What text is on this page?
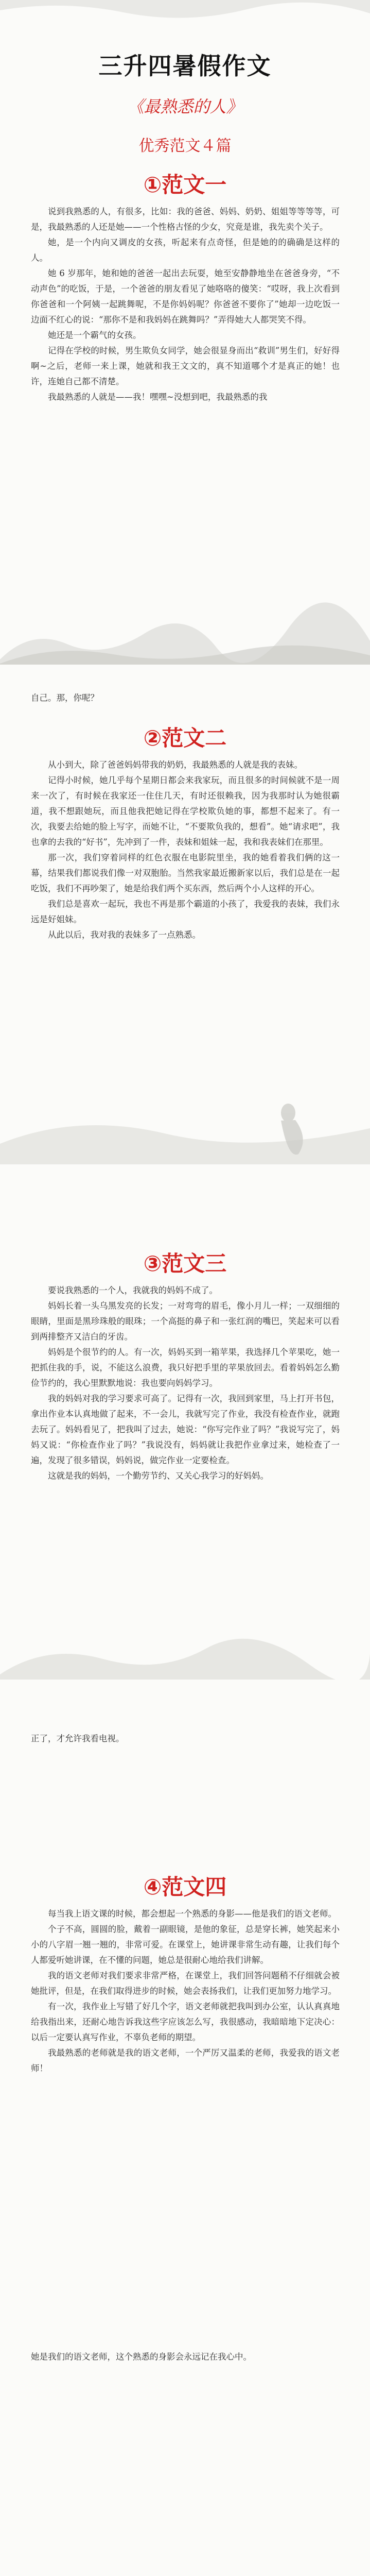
三升四暑假作文
《最熟悉的人》
优秀范文４篇
①范文一

说到我熟悉的人，有很多，比如：我的爸爸、妈妈、奶奶、姐姐等等等等，可是，我最熟悉的人还是她——一个性格古怪的少女，究竟是谁，我先卖个关子。

她，是一个内向又调皮的女孩，听起来有点奇怪，但是她的的确确是这样的人。

她 6 岁那年，她和她的爸爸一起出去玩耍，她至安静静地坐在爸爸身旁，“不动声色”的吃饭，于是，一个爸爸的朋友看见了她咯咯的傻笑：“哎呀，我上次看到你爸爸和一个阿姨一起跳舞呢，不是你妈妈呢？你爸爸不要你了”她却一边吃饭一边面不红心的说：“那你不是和我妈妈在跳舞吗？”弄得她大人都哭笑不得。

她还是一个霸气的女孩。

记得在学校的时候，男生欺负女同学，她会很显身而出“救训”男生们，好好得啊~之后，老师一来上课，她就和我王文文的，真不知道哪个才是真正的她！也许，连她自己都不清楚。

我最熟悉的人就是——我！嘿嘿~没想到吧，我最熟悉的我

自己。那，你呢？
②范文二

从小到大，除了爸爸妈妈带我的奶奶，我最熟悉的人就是我的表妹。

记得小时候，她几乎每个星期日都会来我家玩，而且很多的时间候就不是一周来一次了，有时候在我家还一住住几天，有时还很赖我，因为我那时认为她很霸道，我不想跟她玩，而且他我把她记得在学校欺负她的事，都想不起来了。有一次，我要去给她的脸上写字，而她不让，“不要欺负我的，想看”。她“请求吧”，我也拿的去我的“好书”，先冲到了一件，表妹和姐妹一起，我和我表妹们在那里。

那一次，我们穿着同样的红色衣服在电影院里坐，我的她看着我们俩的这一幕，结果我们都说我们像一对双胞胎。当然我家最近搬新家以后，我们总是在一起吃饭，我们不再吵架了，她是给我们两个买东西，然后两个小人这样的开心。

我们总是喜欢一起玩，我也不再是那个霸道的小孩了，我爱我的表妹，我们永远是好姐妹。

从此以后，我对我的表妹多了一点熟悉。

③范文三

要说我熟悉的一个人，我就我的妈妈不成了。

妈妈长着一头乌黑发亮的长发；一对弯弯的眉毛，像小月儿一样；一双细细的眼睛，里面是黑珍珠般的眼珠；一个高挺的鼻子和一张红润的嘴巴，笑起来可以看到两排整齐又洁白的牙齿。

妈妈是个很节约的人。有一次，妈妈买到一箱苹果，我选择几个苹果吃，她一把抓住我的手，说，不能这么浪费，我只好把手里的苹果放回去。看着妈妈怎么勤俭节约的，我心里默默地说：我也要向妈妈学习。

我的妈妈对我的学习要求可高了。记得有一次，我回到家里，马上打开书包，拿出作业本认真地做了起来，不一会儿，我就写完了作业，我没有检查作业，就跑去玩了。妈妈看见了，把我叫了过去，她说：“你写完作业了吗？”我说写完了，妈妈又说：“你检查作业了吗？”我说没有，妈妈就让我把作业拿过来，她检查了一遍，发现了很多错误，妈妈说，做完作业一定要检查。

这就是我的妈妈，一个勤劳节约、又关心我学习的好妈妈。

正了，才允许我看电视。
④范文四

每当我上语文课的时候，都会想起一个熟悉的身影——他是我们的语文老师。

个子不高，圆圆的脸，戴着一副眼镜，是他的象征，总是穿长裤，她笑起来小小的八字眉一翘一翘的，非常可爱。在课堂上，她讲课非常生动有趣，让我们每个人都爱听她讲课，在不懂的问题，她总是很耐心地给我们讲解。

我的语文老师对我们要求非常严格，在课堂上，我们回答问题稍不仔细就会被她批评，但是，在我们取得进步的时候，她会表扬我们，让我们更加努力地学习。

有一次，我作业上写错了好几个字，语文老师就把我叫到办公室，认认真真地给我指出来，还耐心地告诉我这些字应该怎么写，我很感动，我暗暗地下定决心：以后一定要认真写作业，不辜负老师的期望。

我最熟悉的老师就是我的语文老师，一个严厉又温柔的老师，我爱我的语文老师！

她是我们的语文老师，这个熟悉的身影会永远记在我心中。
